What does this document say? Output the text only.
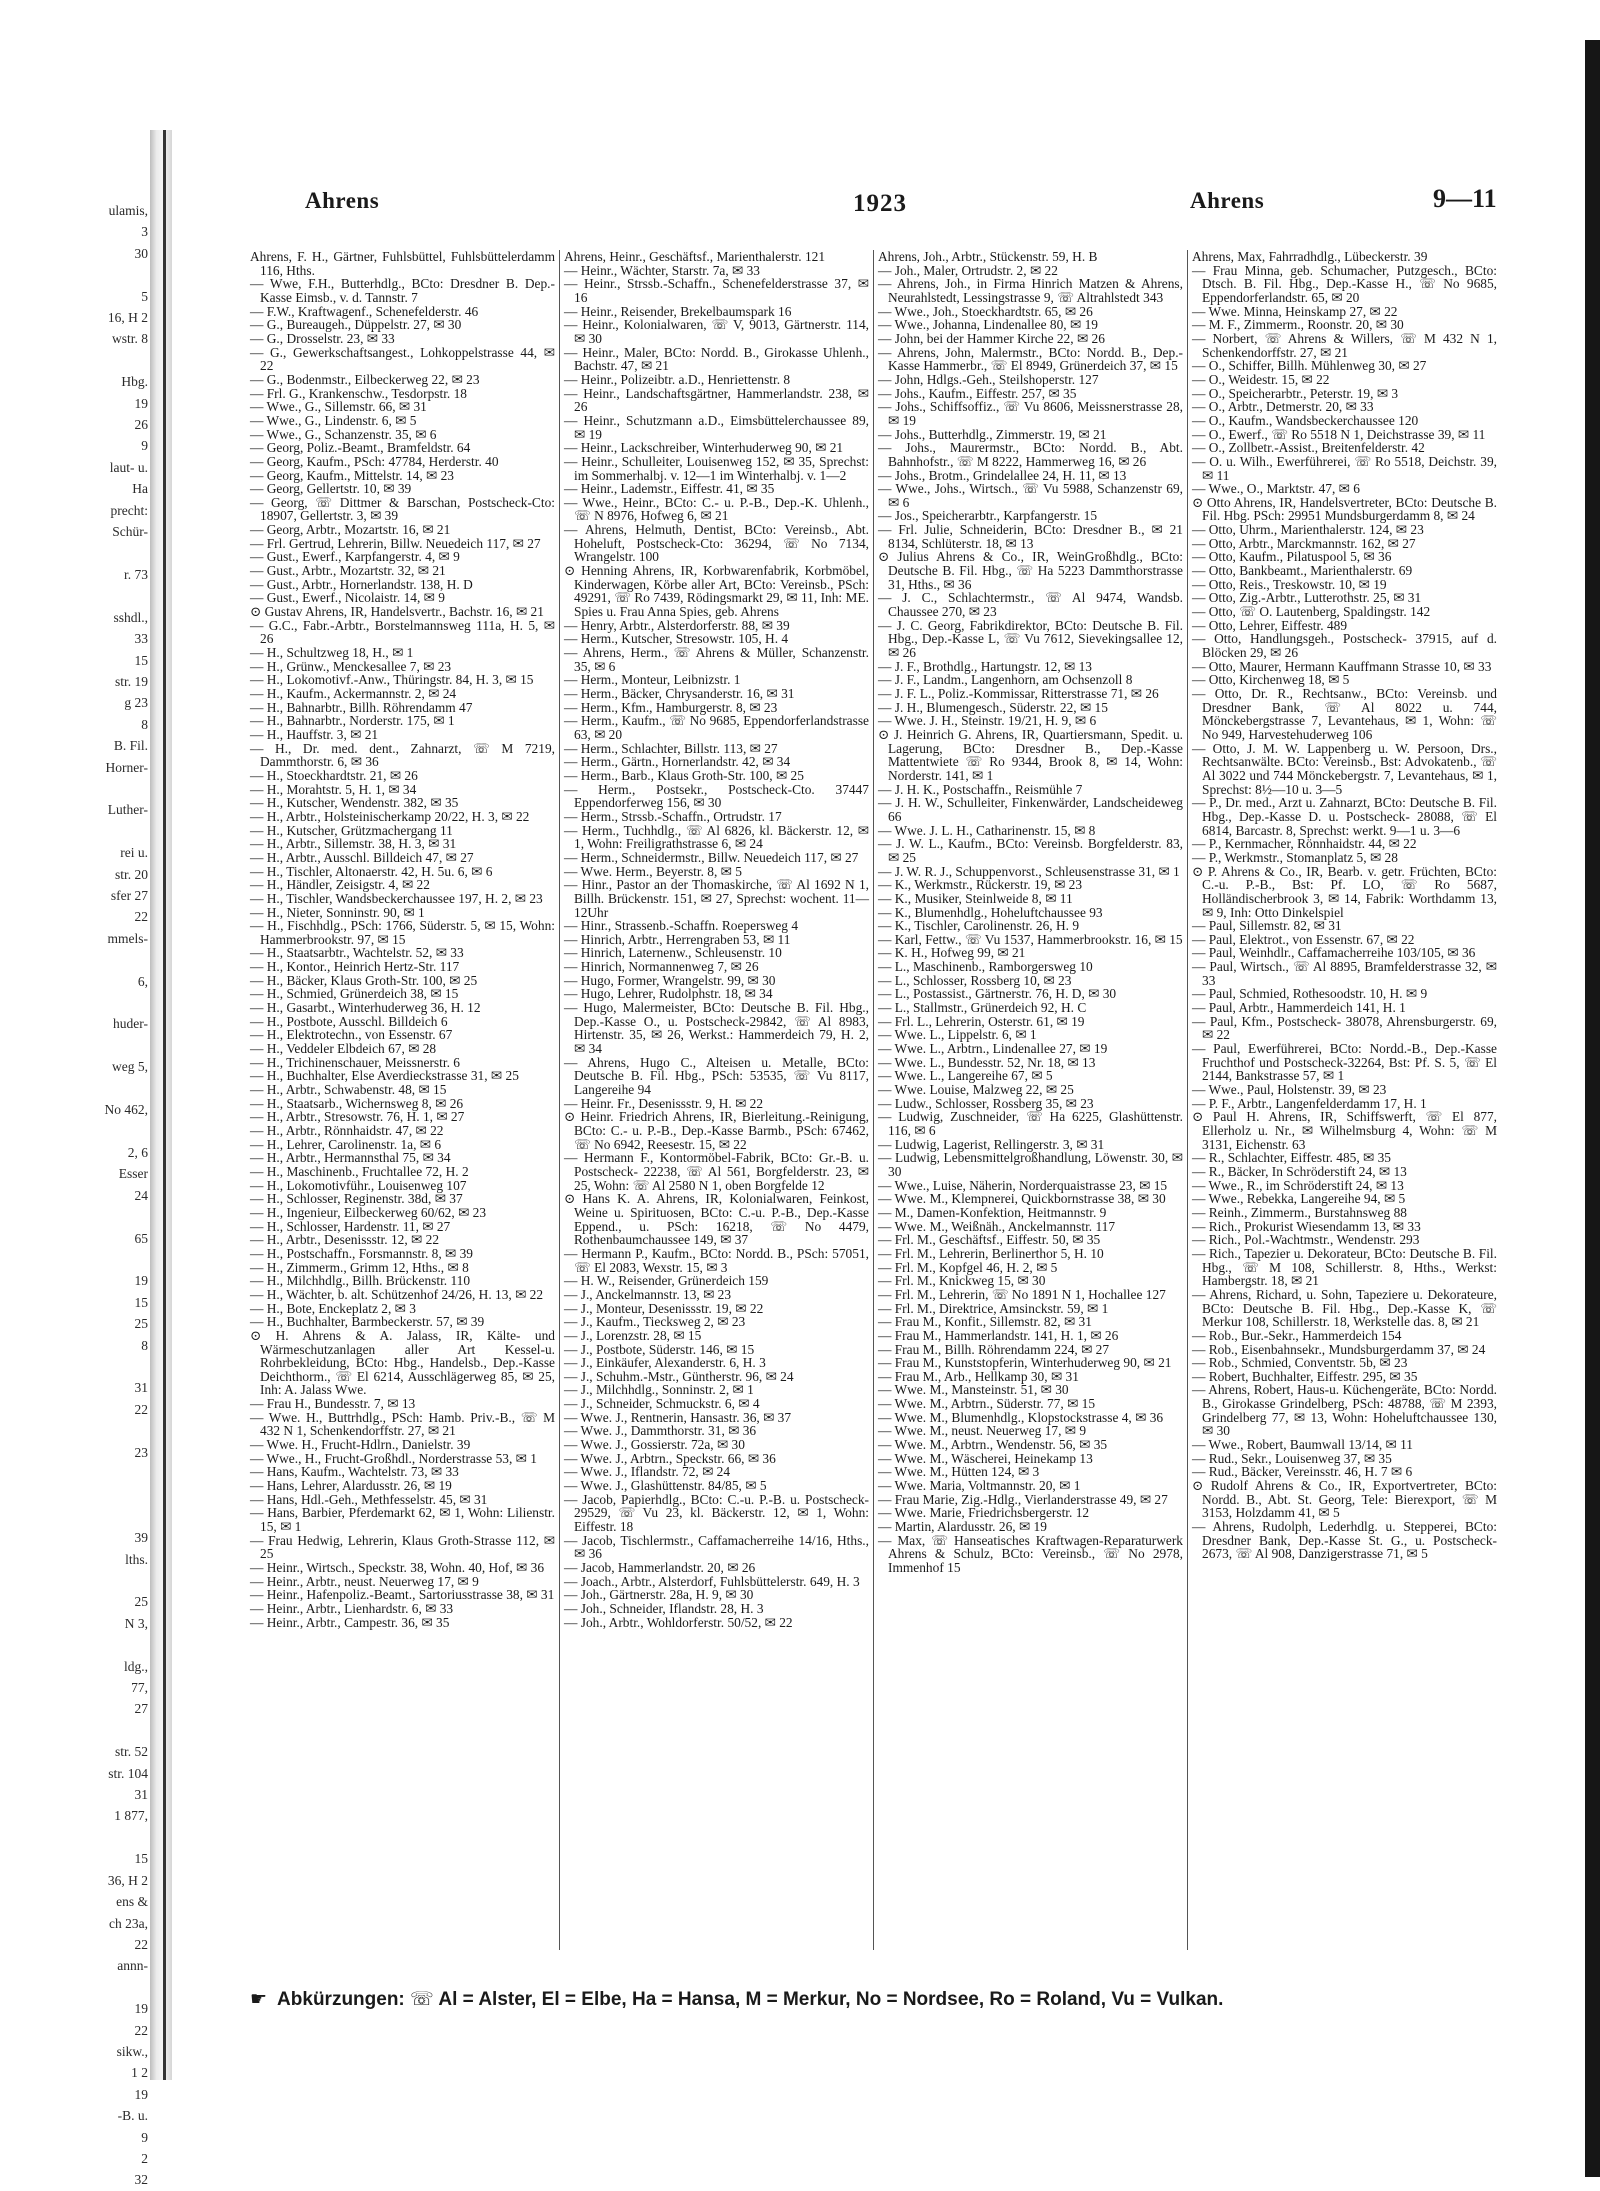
ulamis,
3
30

5
16, H 2
wstr. 8

Hbg.
19
26
9
laut- u.
Ha
precht:
Schür-

r. 73

sshdl.,
33
15
str. 19
g 23
8
B. Fil.
Horner-

Luther-

rei u.
str. 20
sfer 27
22
mmels-

6,

huder-

weg 5,

No 462,

2, 6
Esser
24

65

19
15
25
8

31
22

23

39
lths.

25
N 3,

ldg.,
77,
27

str. 52
str. 104
31
1 877,

15
36, H 2
ens &
ch 23a,
22
annn-

19
22
sikw.,
1 2
19
-B. u.
9
2
32
Ahrens	1923	Ahrens	9—11
Ahrens, F. H., Gärtner, Fuhlsbüttel, Fuhlsbüttelerdamm 116, Hths.
— Wwe, F.H., Butterhdlg., BCto: Dresdner B. Dep.-Kasse Eimsb., v. d. Tannstr. 7
— F.W., Kraftwagenf., Schenefelderstr. 46
— G., Bureaugeh., Düppelstr. 27, ✉ 30
— G., Drosselstr. 23, ✉ 33
— G., Gewerkschaftsangest., Lohkoppelstrasse 44, ✉ 22
— G., Bodenmstr., Eilbeckerweg 22, ✉ 23
— Frl. G., Krankenschw., Tesdorpstr. 18
— Wwe., G., Sillemstr. 66, ✉ 31
— Wwe., G., Lindenstr. 6, ✉ 5
— Wwe., G., Schanzenstr. 35, ✉ 6
— Georg, Poliz.-Beamt., Bramfeldstr. 64
— Georg, Kaufm., PSch: 47784, Herderstr. 40
— Georg, Kaufm., Mittelstr. 14, ✉ 23
— Georg, Gellertstr. 10, ✉ 39
— Georg, ☏ Dittmer & Barschan, Postscheck-Cto: 18907, Gellertstr. 3, ✉ 39
— Georg, Arbtr., Mozartstr. 16, ✉ 21
— Frl. Gertrud, Lehrerin, Billw. Neuedeich 117, ✉ 27
— Gust., Ewerf., Karpfangerstr. 4, ✉ 9
— Gust., Arbtr., Mozartstr. 32, ✉ 21
— Gust., Arbtr., Hornerlandstr. 138, H. D
— Gust., Ewerf., Nicolaistr. 14, ✉ 9
⊙ Gustav Ahrens, IR, Handelsvertr., Bachstr. 16, ✉ 21
— G.C., Fabr.-Arbtr., Borstelmannsweg 111a, H. 5, ✉ 26
— H., Schultzweg 18, H., ✉ 1
— H., Grünw., Menckesallee 7, ✉ 23
— H., Lokomotivf.-Anw., Thüringstr. 84, H. 3, ✉ 15
— H., Kaufm., Ackermannstr. 2, ✉ 24
— H., Bahnarbtr., Billh. Röhrendamm 47
— H., Bahnarbtr., Norderstr. 175, ✉ 1
— H., Hauffstr. 3, ✉ 21
— H., Dr. med. dent., Zahnarzt, ☏ M 7219, Dammthorstr. 6, ✉ 36
— H., Stoeckhardtstr. 21, ✉ 26
— H., Morahtstr. 5, H. 1, ✉ 34
— H., Kutscher, Wendenstr. 382, ✉ 35
— H., Arbtr., Holsteinischerkamp 20/22, H. 3, ✉ 22
— H., Kutscher, Grützmachergang 11
— H., Arbtr., Sillemstr. 38, H. 3, ✉ 31
— H., Arbtr., Ausschl. Billdeich 47, ✉ 27
— H., Tischler, Altonaerstr. 42, H. 5u. 6, ✉ 6
— H., Händler, Zeisigstr. 4, ✉ 22
— H., Tischler, Wandsbeckerchaussee 197, H. 2, ✉ 23
— H., Nieter, Sonninstr. 90, ✉ 1
— H., Fischhdlg., PSch: 1766, Süderstr. 5, ✉ 15, Wohn: Hammerbrookstr. 97, ✉ 15
— H., Staatsarbtr., Wachtelstr. 52, ✉ 33
— H., Kontor., Heinrich Hertz-Str. 117
— H., Bäcker, Klaus Groth-Str. 100, ✉ 25
— H., Schmied, Grünerdeich 38, ✉ 15
— H., Gasarbt., Winterhuderweg 36, H. 12
— H., Postbote, Ausschl. Billdeich 6
— H., Elektrotechn., von Essenstr. 67
— H., Veddeler Elbdeich 67, ✉ 28
— H., Trichinenschauer, Meissnerstr. 6
— H., Buchhalter, Else Averdieckstrasse 31, ✉ 25
— H., Arbtr., Schwabenstr. 48, ✉ 15
— H., Staatsarb., Wichernsweg 8, ✉ 26
— H., Arbtr., Stresowstr. 76, H. 1, ✉ 27
— H., Arbtr., Rönnhaidstr. 47, ✉ 22
— H., Lehrer, Carolinenstr. 1a, ✉ 6
— H., Arbtr., Hermannsthal 75, ✉ 34
— H., Maschinenb., Fruchtallee 72, H. 2
— H., Lokomotivführ., Louisenweg 107
— H., Schlosser, Reginenstr. 38d, ✉ 37
— H., Ingenieur, Eilbeckerweg 60/62, ✉ 23
— H., Schlosser, Hardenstr. 11, ✉ 27
— H., Arbtr., Desenissstr. 12, ✉ 22
— H., Postschaffn., Forsmannstr. 8, ✉ 39
— H., Zimmerm., Grimm 12, Hths., ✉ 8
— H., Milchhdlg., Billh. Brückenstr. 110
— H., Wächter, b. alt. Schützenhof 24/26, H. 13, ✉ 22
— H., Bote, Enckeplatz 2, ✉ 3
— H., Buchhalter, Barmbeckerstr. 57, ✉ 39
⊙ H. Ahrens & A. Jalass, IR, Kälte- und Wärmeschutzanlagen aller Art Kessel-u. Rohrbekleidung, BCto: Hbg., Handelsb., Dep.-Kasse Deichthorm., ☏ El 6214, Ausschlägerweg 85, ✉ 25, Inh: A. Jalass Wwe.
— Frau H., Bundesstr. 7, ✉ 13
— Wwe. H., Buttrhdlg., PSch: Hamb. Priv.-B., ☏ M 432 N 1, Schenkendorffstr. 27, ✉ 21
— Wwe. H., Frucht-Hdlrn., Danielstr. 39
— Wwe., H., Frucht-Großhdl., Norderstrasse 53, ✉ 1
— Hans, Kaufm., Wachtelstr. 73, ✉ 33
— Hans, Lehrer, Alardusstr. 26, ✉ 19
— Hans, Hdl.-Geh., Methfesselstr. 45, ✉ 31
— Hans, Barbier, Pferdemarkt 62, ✉ 1, Wohn: Lilienstr. 15, ✉ 1
— Frau Hedwig, Lehrerin, Klaus Groth-Strasse 112, ✉ 25
— Heinr., Wirtsch., Speckstr. 38, Wohn. 40, Hof, ✉ 36
— Heinr., Arbtr., neust. Neuerweg 17, ✉ 9
— Heinr., Hafenpoliz.-Beamt., Sartoriusstrasse 38, ✉ 31
— Heinr., Arbtr., Lienhardstr. 6, ✉ 33
— Heinr., Arbtr., Campestr. 36, ✉ 35
Ahrens, Heinr., Geschäftsf., Marienthalerstr. 121
— Heinr., Wächter, Starstr. 7a, ✉ 33
— Heinr., Strssb.-Schaffn., Schenefelderstrasse 37, ✉ 16
— Heinr., Reisender, Brekelbaumspark 16
— Heinr., Kolonialwaren, ☏ V, 9013, Gärtnerstr. 114, ✉ 30
— Heinr., Maler, BCto: Nordd. B., Girokasse Uhlenh., Bachstr. 47, ✉ 21
— Heinr., Polizeibtr. a.D., Henriettenstr. 8
— Heinr., Landschaftsgärtner, Hammerlandstr. 238, ✉ 26
— Heinr., Schutzmann a.D., Eimsbüttelerchaussee 89, ✉ 19
— Heinr., Lackschreiber, Winterhuderweg 90, ✉ 21
— Heinr., Schulleiter, Louisenweg 152, ✉ 35, Sprechst: im Sommerhalbj. v. 12—1 im Winterhalbj. v. 1—2
— Heinr., Lademstr., Eiffestr. 41, ✉ 35
— Wwe., Heinr., BCto: C.- u. P.-B., Dep.-K. Uhlenh., ☏ N 8976, Hofweg 6, ✉ 21
— Ahrens, Helmuth, Dentist, BCto: Vereinsb., Abt. Hoheluft, Postscheck-Cto: 36294, ☏ No 7134, Wrangelstr. 100
⊙ Henning Ahrens, IR, Korbwarenfabrik, Korbmöbel, Kinderwagen, Körbe aller Art, BCto: Vereinsb., PSch: 49291, ☏ Ro 7439, Rödingsmarkt 29, ✉ 11, Inh: ME. Spies u. Frau Anna Spies, geb. Ahrens
— Henry, Arbtr., Alsterdorferstr. 88, ✉ 39
— Herm., Kutscher, Stresowstr. 105, H. 4
— Ahrens, Herm., ☏ Ahrens & Müller, Schanzenstr. 35, ✉ 6
— Herm., Monteur, Leibnizstr. 1
— Herm., Bäcker, Chrysanderstr. 16, ✉ 31
— Herm., Kfm., Hamburgerstr. 8, ✉ 23
— Herm., Kaufm., ☏ No 9685, Eppendorferlandstrasse 63, ✉ 20
— Herm., Schlachter, Billstr. 113, ✉ 27
— Herm., Gärtn., Hornerlandstr. 42, ✉ 34
— Herm., Barb., Klaus Groth-Str. 100, ✉ 25
— Herm., Postsekr., Postscheck-Cto. 37447 Eppendorferweg 156, ✉ 30
— Herm., Strssb.-Schaffn., Ortrudstr. 17
— Herm., Tuchhdlg., ☏ Al 6826, kl. Bäckerstr. 12, ✉ 1, Wohn: Freiligrathstrasse 6, ✉ 24
— Herm., Schneidermstr., Billw. Neuedeich 117, ✉ 27
— Wwe. Herm., Beyerstr. 8, ✉ 5
— Hinr., Pastor an der Thomaskirche, ☏ Al 1692 N 1, Billh. Brückenstr. 151, ✉ 27, Sprechst: wochent. 11—12Uhr
— Hinr., Strassenb.-Schaffn. Roepersweg 4
— Hinrich, Arbtr., Herrengraben 53, ✉ 11
— Hinrich, Laternenw., Schleusenstr. 10
— Hinrich, Normannenweg 7, ✉ 26
— Hugo, Former, Wrangelstr. 99, ✉ 30
— Hugo, Lehrer, Rudolphstr. 18, ✉ 34
— Hugo, Malermeister, BCto: Deutsche B. Fil. Hbg., Dep.-Kasse O., u. Postscheck-29842, ☏ Al 8983, Hirtenstr. 35, ✉ 26, Werkst.: Hammerdeich 79, H. 2, ✉ 34
— Ahrens, Hugo C., Alteisen u. Metalle, BCto: Deutsche B. Fil. Hbg., PSch: 53535, ☏ Vu 8117, Langereihe 94
— Heinr. Fr., Desenissstr. 9, H. ✉ 22
⊙ Heinr. Friedrich Ahrens, IR, Bierleitung.-Reinigung, BCto: C.- u. P.-B., Dep.-Kasse Barmb., PSch: 67462, ☏ No 6942, Reesestr. 15, ✉ 22
— Hermann F., Kontormöbel-Fabrik, BCto: Gr.-B. u. Postscheck- 22238, ☏ Al 561, Borgfelderstr. 23, ✉ 25, Wohn: ☏ Al 2580 N 1, oben Borgfelde 12
⊙ Hans K. A. Ahrens, IR, Kolonialwaren, Feinkost, Weine u. Spirituosen, BCto: C.-u. P.-B., Dep.-Kasse Eppend., u. PSch: 16218, ☏ No 4479, Rothenbaumchaussee 149, ✉ 37
— Hermann P., Kaufm., BCto: Nordd. B., PSch: 57051, ☏ El 2083, Wexstr. 15, ✉ 3
— H. W., Reisender, Grünerdeich 159
— J., Anckelmannstr. 13, ✉ 23
— J., Monteur, Desenissstr. 19, ✉ 22
— J., Kaufm., Tiecksweg 2, ✉ 23
— J., Lorenzstr. 28, ✉ 15
— J., Postbote, Süderstr. 146, ✉ 15
— J., Einkäufer, Alexanderstr. 6, H. 3
— J., Schuhm.-Mstr., Güntherstr. 96, ✉ 24
— J., Milchhdlg., Sonninstr. 2, ✉ 1
— J., Schneider, Schmuckstr. 6, ✉ 4
— Wwe. J., Rentnerin, Hansastr. 36, ✉ 37
— Wwe. J., Dammthorstr. 31, ✉ 36
— Wwe. J., Gossierstr. 72a, ✉ 30
— Wwe. J., Arbtrn., Speckstr. 66, ✉ 36
— Wwe. J., Iflandstr. 72, ✉ 24
— Wwe. J., Glashüttenstr. 84/85, ✉ 5
— Jacob, Papierhdlg., BCto: C.-u. P.-B. u. Postscheck- 29529, ☏ Vu 23, kl. Bäckerstr. 12, ✉ 1, Wohn: Eiffestr. 18
— Jacob, Tischlermstr., Caffamacherreihe 14/16, Hths., ✉ 36
— Jacob, Hammerlandstr. 20, ✉ 26
— Joach., Arbtr., Alsterdorf, Fuhlsbüttelerstr. 649, H. 3
— Joh., Gärtnerstr. 28a, H. 9, ✉ 30
— Joh., Schneider, Iflandstr. 28, H. 3
— Joh., Arbtr., Wohldorferstr. 50/52, ✉ 22
Ahrens, Joh., Arbtr., Stückenstr. 59, H. B
— Joh., Maler, Ortrudstr. 2, ✉ 22
— Ahrens, Joh., in Firma Hinrich Matzen & Ahrens, Neurahlstedt, Lessingstrasse 9, ☏ Altrahlstedt 343
— Wwe., Joh., Stoeckhardtstr. 65, ✉ 26
— Wwe., Johanna, Lindenallee 80, ✉ 19
— John, bei der Hammer Kirche 22, ✉ 26
— Ahrens, John, Malermstr., BCto: Nordd. B., Dep.-Kasse Hammerbr., ☏ El 8949, Grünerdeich 37, ✉ 15
— John, Hdlgs.-Geh., Steilshoperstr. 127
— Johs., Kaufm., Eiffestr. 257, ✉ 35
— Johs., Schiffsoffiz., ☏ Vu 8606, Meissnerstrasse 28, ✉ 19
— Johs., Butterhdlg., Zimmerstr. 19, ✉ 21
— Johs., Maurermstr., BCto: Nordd. B., Abt. Bahnhofstr., ☏ M 8222, Hammerweg 16, ✉ 26
— Johs., Brotm., Grindelallee 24, H. 11, ✉ 13
— Wwe., Johs., Wirtsch., ☏ Vu 5988, Schanzenstr 69, ✉ 6
— Jos., Speicherarbtr., Karpfangerstr. 15
— Frl. Julie, Schneiderin, BCto: Dresdner B., ✉ 21 8134, Schlüterstr. 18, ✉ 13
⊙ Julius Ahrens & Co., IR, WeinGroßhdlg., BCto: Deutsche B. Fil. Hbg., ☏ Ha 5223 Dammthorstrasse 31, Hths., ✉ 36
— J. C., Schlachtermstr., ☏ Al 9474, Wandsb. Chaussee 270, ✉ 23
— J. C. Georg, Fabrikdirektor, BCto: Deutsche B. Fil. Hbg., Dep.-Kasse L, ☏ Vu 7612, Sievekingsallee 12, ✉ 26
— J. F., Brothdlg., Hartungstr. 12, ✉ 13
— J. F., Landm., Langenhorn, am Ochsenzoll 8
— J. F. L., Poliz.-Kommissar, Ritterstrasse 71, ✉ 26
— J. H., Blumengesch., Süderstr. 22, ✉ 15
— Wwe. J. H., Steinstr. 19/21, H. 9, ✉ 6
⊙ J. Heinrich G. Ahrens, IR, Quartiersmann, Spedit. u. Lagerung, BCto: Dresdner B., Dep.-Kasse Mattentwiete ☏ Ro 9344, Brook 8, ✉ 14, Wohn: Norderstr. 141, ✉ 1
— J. H. K., Postschaffn., Reismühle 7
— J. H. W., Schulleiter, Finkenwärder, Landscheideweg 66
— Wwe. J. L. H., Catharinenstr. 15, ✉ 8
— J. W. L., Kaufm., BCto: Vereinsb. Borgfelderstr. 83, ✉ 25
— J. W. R. J., Schuppenvorst., Schleusenstrasse 31, ✉ 1
— K., Werkmstr., Rückerstr. 19, ✉ 23
— K., Musiker, Steinlweide 8, ✉ 11
— K., Blumenhdlg., Hoheluftchaussee 93
— K., Tischler, Carolinenstr. 26, H. 9
— Karl, Fettw., ☏ Vu 1537, Hammerbrookstr. 16, ✉ 15
— K. H., Hofweg 99, ✉ 21
— L., Maschinenb., Ramborgersweg 10
— L., Schlosser, Rossberg 10, ✉ 23
— L., Postassist., Gärtnerstr. 76, H. D, ✉ 30
— L., Stallmstr., Grünerdeich 92, H. C
— Frl. L., Lehrerin, Osterstr. 61, ✉ 19
— Wwe. L., Lippelstr. 6, ✉ 1
— Wwe. L., Arbtrn., Lindenallee 27, ✉ 19
— Wwe. L., Bundesstr. 52, Nr. 18, ✉ 13
— Wwe. L., Langereihe 67, ✉ 5
— Wwe. Louise, Malzweg 22, ✉ 25
— Ludw., Schlosser, Rossberg 35, ✉ 23
— Ludwig, Zuschneider, ☏ Ha 6225, Glashüttenstr. 116, ✉ 6
— Ludwig, Lagerist, Rellingerstr. 3, ✉ 31
— Ludwig, Lebensmittelgroßhandlung, Löwenstr. 30, ✉ 30
— Wwe., Luise, Näherin, Norderquaistrasse 23, ✉ 15
— Wwe. M., Klempnerei, Quickbornstrasse 38, ✉ 30
— M., Damen-Konfektion, Heitmannstr. 9
— Wwe. M., Weißnäh., Anckelmannstr. 117
— Frl. M., Geschäftsf., Eiffestr. 50, ✉ 35
— Frl. M., Lehrerin, Berlinerthor 5, H. 10
— Frl. M., Kopfgel 46, H. 2, ✉ 5
— Frl. M., Knickweg 15, ✉ 30
— Frl. M., Lehrerin, ☏ No 1891 N 1, Hochallee 127
— Frl. M., Direktrice, Amsinckstr. 59, ✉ 1
— Frau M., Konfit., Sillemstr. 82, ✉ 31
— Frau M., Hammerlandstr. 141, H. 1, ✉ 26
— Frau M., Billh. Röhrendamm 224, ✉ 27
— Frau M., Kunststopferin, Winterhuderweg 90, ✉ 21
— Frau M., Arb., Hellkamp 30, ✉ 31
— Wwe. M., Mansteinstr. 51, ✉ 30
— Wwe. M., Arbtrn., Süderstr. 77, ✉ 15
— Wwe. M., Blumenhdlg., Klopstockstrasse 4, ✉ 36
— Wwe. M., neust. Neuerweg 17, ✉ 9
— Wwe. M., Arbtrn., Wendenstr. 56, ✉ 35
— Wwe. M., Wäscherei, Heinekamp 13
— Wwe. M., Hütten 124, ✉ 3
— Wwe. Maria, Voltmannstr. 20, ✉ 1
— Frau Marie, Zig.-Hdlg., Vierlanderstrasse 49, ✉ 27
— Wwe. Marie, Friedrichsbergerstr. 12
— Martin, Alardusstr. 26, ✉ 19
— Max, ☏ Hanseatisches Kraftwagen-Reparaturwerk Ahrens & Schulz, BCto: Vereinsb., ☏ No 2978, Immenhof 15
Ahrens, Max, Fahrradhdlg., Lübeckerstr. 39
— Frau Minna, geb. Schumacher, Putzgesch., BCto: Dtsch. B. Fil. Hbg., Dep.-Kasse H., ☏ No 9685, Eppendorferlandstr. 65, ✉ 20
— Wwe. Minna, Heinskamp 27, ✉ 22
— M. F., Zimmerm., Roonstr. 20, ✉ 30
— Norbert, ☏ Ahrens & Willers, ☏ M 432 N 1, Schenkendorffstr. 27, ✉ 21
— O., Schiffer, Billh. Mühlenweg 30, ✉ 27
— O., Weidestr. 15, ✉ 22
— O., Speicherarbtr., Peterstr. 19, ✉ 3
— O., Arbtr., Detmerstr. 20, ✉ 33
— O., Kaufm., Wandsbeckerchaussee 120
— O., Ewerf., ☏ Ro 5518 N 1, Deichstrasse 39, ✉ 11
— O., Zollbetr.-Assist., Breitenfelderstr. 42
— O. u. Wilh., Ewerführerei, ☏ Ro 5518, Deichstr. 39, ✉ 11
— Wwe., O., Marktstr. 47, ✉ 6
⊙ Otto Ahrens, IR, Handelsvertreter, BCto: Deutsche B. Fil. Hbg. PSch: 29951 Mundsburgerdamm 8, ✉ 24
— Otto, Uhrm., Marienthalerstr. 124, ✉ 23
— Otto, Arbtr., Marckmannstr. 162, ✉ 27
— Otto, Kaufm., Pilatuspool 5, ✉ 36
— Otto, Bankbeamt., Marienthalerstr. 69
— Otto, Reis., Treskowstr. 10, ✉ 19
— Otto, Zig.-Arbtr., Lutterothstr. 25, ✉ 31
— Otto, ☏ O. Lautenberg, Spaldingstr. 142
— Otto, Lehrer, Eiffestr. 489
— Otto, Handlungsgeh., Postscheck- 37915, auf d. Blöcken 29, ✉ 26
— Otto, Maurer, Hermann Kauffmann Strasse 10, ✉ 33
— Otto, Kirchenweg 18, ✉ 5
— Otto, Dr. R., Rechtsanw., BCto: Vereinsb. und Dresdner Bank, ☏ Al 8022 u. 744, Mönckebergstrasse 7, Levantehaus, ✉ 1, Wohn: ☏ No 949, Harvestehuderweg 106
— Otto, J. M. W. Lappenberg u. W. Persoon, Drs., Rechtsanwälte. BCto: Vereinsb., Bst: Advokatenb., ☏ Al 3022 und 744 Mönckebergstr. 7, Levantehaus, ✉ 1, Sprechst: 8½—10 u. 3—5
— P., Dr. med., Arzt u. Zahnarzt, BCto: Deutsche B. Fil. Hbg., Dep.-Kasse D. u. Postscheck- 28088, ☏ El 6814, Barcastr. 8, Sprechst: werkt. 9—1 u. 3—6
— P., Kernmacher, Rönnhaidstr. 44, ✉ 22
— P., Werkmstr., Stomanplatz 5, ✉ 28
⊙ P. Ahrens & Co., IR, Bearb. v. getr. Früchten, BCto: C.-u. P.-B., Bst: Pf. LO, ☏ Ro 5687, Holländischerbrook 3, ✉ 14, Fabrik: Worthdamm 13, ✉ 9, Inh: Otto Dinkelspiel
— Paul, Sillemstr. 82, ✉ 31
— Paul, Elektrot., von Essenstr. 67, ✉ 22
— Paul, Weinhdlr., Caffamacherreihe 103/105, ✉ 36
— Paul, Wirtsch., ☏ Al 8895, Bramfelderstrasse 32, ✉ 33
— Paul, Schmied, Rothesoodstr. 10, H. ✉ 9
— Paul, Arbtr., Hammerdeich 141, H. 1
— Paul, Kfm., Postscheck- 38078, Ahrensburgerstr. 69, ✉ 22
— Paul, Ewerführerei, BCto: Nordd.-B., Dep.-Kasse Fruchthof und Postscheck-32264, Bst: Pf. S. 5, ☏ El 2144, Bankstrasse 57, ✉ 1
— Wwe., Paul, Holstenstr. 39, ✉ 23
— P. F., Arbtr., Langenfelderdamm 17, H. 1
⊙ Paul H. Ahrens, IR, Schiffswerft, ☏ El 877, Ellerholz u. Nr., ✉ Wilhelmsburg 4, Wohn: ☏ M 3131, Eichenstr. 63
— R., Schlachter, Eiffestr. 485, ✉ 35
— R., Bäcker, In Schröderstift 24, ✉ 13
— Wwe., R., im Schröderstift 24, ✉ 13
— Wwe., Rebekka, Langereihe 94, ✉ 5
— Reinh., Zimmerm., Burstahnsweg 88
— Rich., Prokurist Wiesendamm 13, ✉ 33
— Rich., Pol.-Wachtmstr., Wendenstr. 293
— Rich., Tapezier u. Dekorateur, BCto: Deutsche B. Fil. Hbg., ☏ M 108, Schillerstr. 8, Hths., Werkst: Hambergstr. 18, ✉ 21
— Ahrens, Richard, u. Sohn, Tapeziere u. Dekorateure, BCto: Deutsche B. Fil. Hbg., Dep.-Kasse K, ☏ Merkur 108, Schillerstr. 18, Werkstelle das. 8, ✉ 21
— Rob., Bur.-Sekr., Hammerdeich 154
— Rob., Eisenbahnsekr., Mundsburgerdamm 37, ✉ 24
— Rob., Schmied, Conventstr. 5b, ✉ 23
— Robert, Buchhalter, Eiffestr. 295, ✉ 35
— Ahrens, Robert, Haus-u. Küchengeräte, BCto: Nordd. B., Girokasse Grindelberg, PSch: 48788, ☏ M 2393, Grindelberg 77, ✉ 13, Wohn: Hoheluftchaussee 130, ✉ 30
— Wwe., Robert, Baumwall 13/14, ✉ 11
— Rud., Sekr., Louisenweg 37, ✉ 35
— Rud., Bäcker, Vereinsstr. 46, H. 7 ✉ 6
⊙ Rudolf Ahrens & Co., IR, Exportvertreter, BCto: Nordd. B., Abt. St. Georg, Tele: Bierexport, ☏ M 3153, Holzdamm 41, ✉ 5
— Ahrens, Rudolph, Lederhdlg. u. Stepperei, BCto: Dresdner Bank, Dep.-Kasse St. G., u. Postscheck- 2673, ☏ Al 908, Danzigerstrasse 71, ✉ 5
☛ Abkürzungen: ☏ Al = Alster, El = Elbe, Ha = Hansa, M = Merkur, No = Nordsee, Ro = Roland, Vu = Vulkan.
